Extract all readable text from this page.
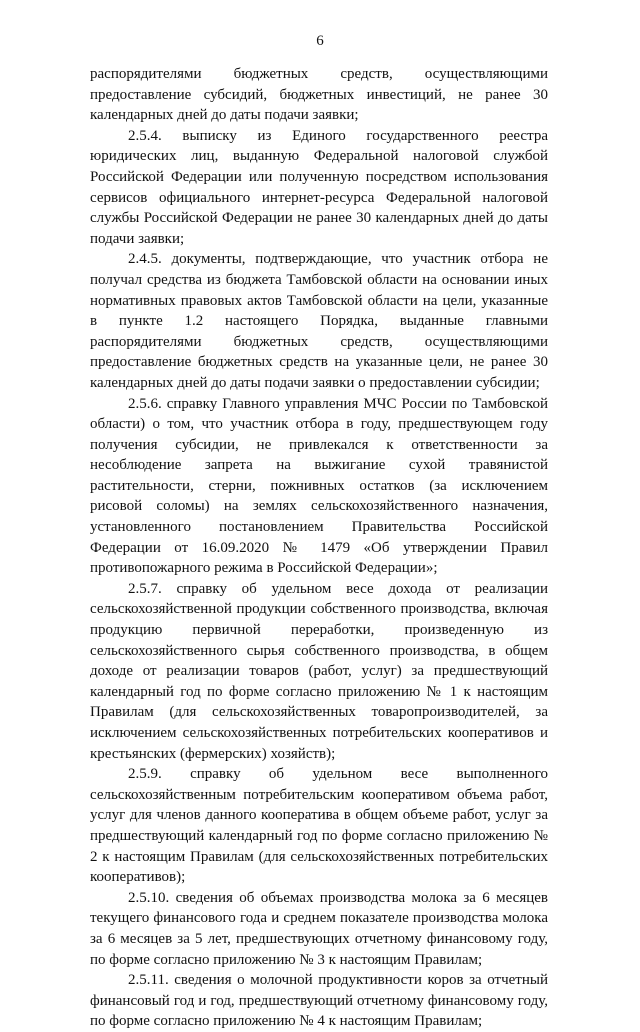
6

распорядителями бюджетных средств, осуществляющими предоставление субсидий, бюджетных инвестиций, не ранее 30 календарных дней до даты подачи заявки;

2.5.4. выписку из Единого государственного реестра юридических лиц, выданную Федеральной налоговой службой Российской Федерации или полученную посредством использования сервисов официального интернет-ресурса Федеральной налоговой службы Российской Федерации не ранее 30 календарных дней до даты подачи заявки;

2.4.5. документы, подтверждающие, что участник отбора не получал средства из бюджета Тамбовской области на основании иных нормативных правовых актов Тамбовской области на цели, указанные в пункте 1.2 настоящего Порядка, выданные главными распорядителями бюджетных средств, осуществляющими предоставление бюджетных средств на указанные цели, не ранее 30 календарных дней до даты подачи заявки о предоставлении субсидии;

2.5.6. справку Главного управления МЧС России по Тамбовской области) о том, что участник отбора в году, предшествующем году получения субсидии, не привлекался к ответственности за несоблюдение запрета на выжигание сухой травянистой растительности, стерни, пожнивных остатков (за исключением рисовой соломы) на землях сельскохозяйственного назначения, установленного постановлением Правительства Российской Федерации от 16.09.2020 № 1479 «Об утверждении Правил противопожарного режима в Российской Федерации»;

2.5.7. справку об удельном весе дохода от реализации сельскохозяйственной продукции собственного производства, включая продукцию первичной переработки, произведенную из сельскохозяйственного сырья собственного производства, в общем доходе от реализации товаров (работ, услуг) за предшествующий календарный год по форме согласно приложению № 1 к настоящим Правилам (для сельскохозяйственных товаропроизводителей, за исключением сельскохозяйственных потребительских кооперативов и крестьянских (фермерских) хозяйств);

2.5.9. справку об удельном весе выполненного сельскохозяйственным потребительским кооперативом объема работ, услуг для членов данного кооператива в общем объеме работ, услуг за предшествующий календарный год по форме согласно приложению № 2 к настоящим Правилам (для сельскохозяйственных потребительских кооперативов);

2.5.10. сведения об объемах производства молока за 6 месяцев текущего финансового года и среднем показателе производства молока за 6 месяцев за 5 лет, предшествующих отчетному финансовому году, по форме согласно приложению № 3 к настоящим Правилам;

2.5.11. сведения о молочной продуктивности коров за отчетный финансовый год и год, предшествующий отчетному финансовому году, по форме согласно приложению № 4 к настоящим Правилам;
